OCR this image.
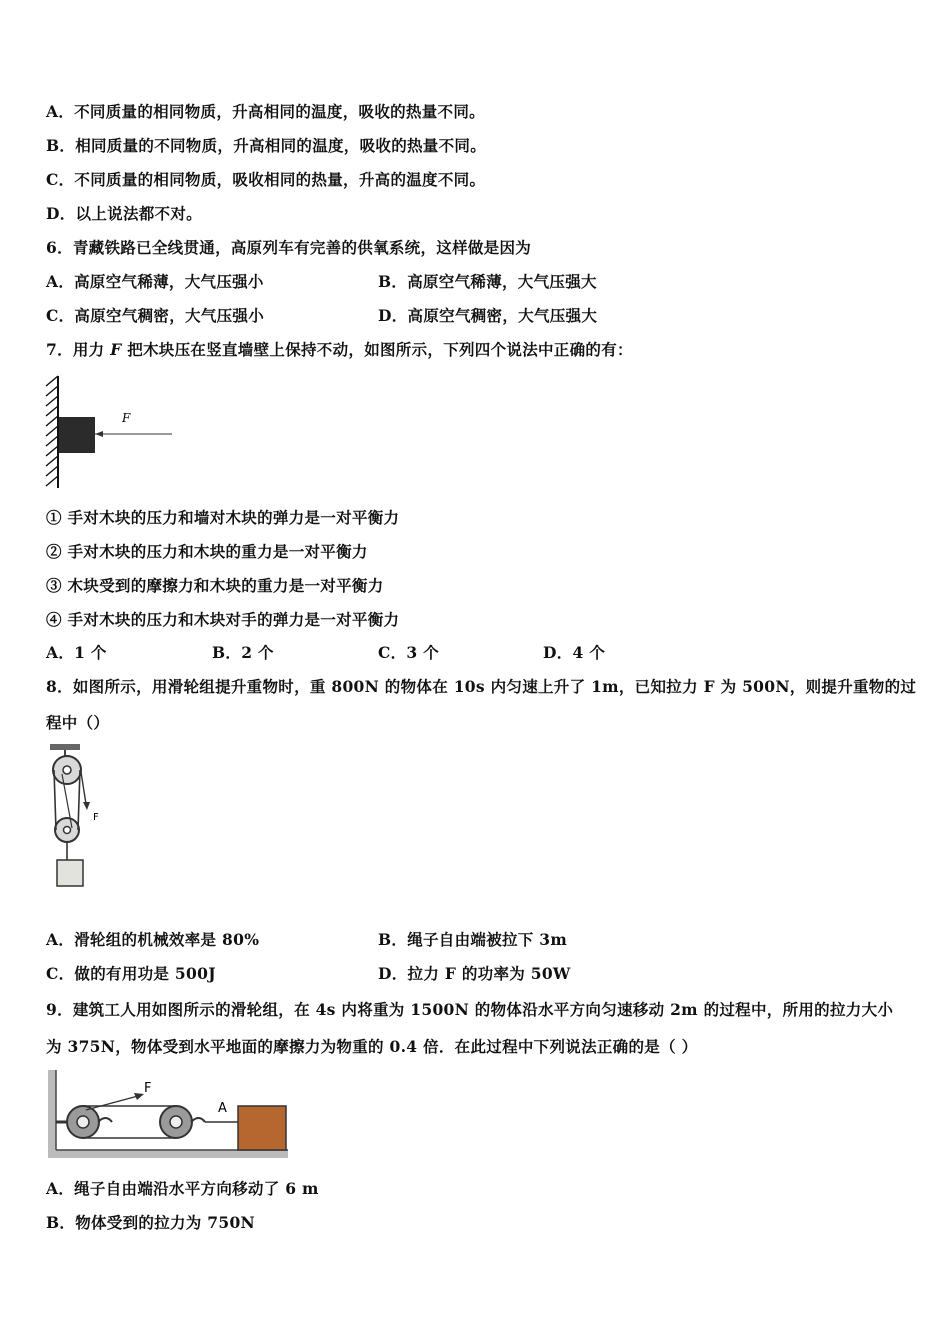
A．不同质量的相同物质，升高相同的温度，吸收的热量不同。
B．相同质量的不同物质，升高相同的温度，吸收的热量不同。
C．不同质量的相同物质，吸收相同的热量，升高的温度不同。
D．以上说法都不对。
6．青藏铁路已全线贯通，高原列车有完善的供氧系统，这样做是因为
A．高原空气稀薄，大气压强小	B．高原空气稀薄，大气压强大
C．高原空气稠密，大气压强小	D．高原空气稠密，大气压强大
7．用力 F 把木块压在竖直墙壁上保持不动，如图所示，下列四个说法中正确的有：
F
① 手对木块的压力和墙对木块的弹力是一对平衡力
② 手对木块的压力和木块的重力是一对平衡力
③ 木块受到的摩擦力和木块的重力是一对平衡力
④ 手对木块的压力和木块对手的弹力是一对平衡力
A．1 个	B．2 个	C．3 个	D．4 个
8．如图所示，用滑轮组提升重物时，重 800N 的物体在 10s 内匀速上升了 1m，已知拉力 F 为 500N，则提升重物的过
程中（）
F
A．滑轮组的机械效率是 80%	B．绳子自由端被拉下 3m
C．做的有用功是 500J	D．拉力 F 的功率为 50W
9．建筑工人用如图所示的滑轮组，在 4s 内将重为 1500N 的物体沿水平方向匀速移动 2m 的过程中，所用的拉力大小
为 375N，物体受到水平地面的摩擦力为物重的 0.4 倍．在此过程中下列说法正确的是（ ）
F
A
A．绳子自由端沿水平方向移动了 6 m
B．物体受到的拉力为 750N
